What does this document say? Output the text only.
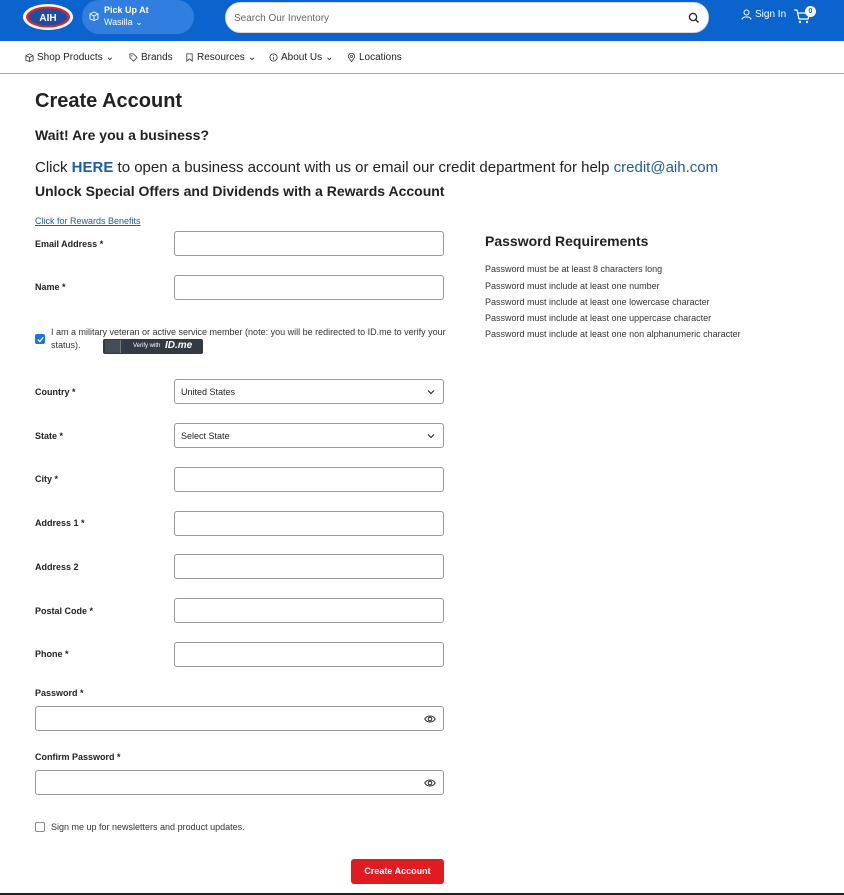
AIH
Pick Up At
Wasilla ⌄
Search Our Inventory
Sign In	0
Shop Products ⌄	Brands Resources ⌄ About Us ⌄	Locations
Create Account
Wait! Are you a business?
Click HERE to open a business account with us or email our credit department for help credit@aih.com
Unlock Special Offers and Dividends with a Rewards Account
Click for Rewards Benefits
Email Address *
Name *
I am a military veteran or active service member (note: you will be redirected to ID.me to verify your status).	Verify with ID.me
Country *	United States
State *	Select State
City *
Address 1 *
Address 2
Postal Code *
Phone *
Password *
Confirm Password *
Sign me up for newsletters and product updates.
Create Account
Password Requirements
Password must be at least 8 characters long
Password must include at least one number
Password must include at least one lowercase character
Password must include at least one uppercase character
Password must include at least one non alphanumeric character
